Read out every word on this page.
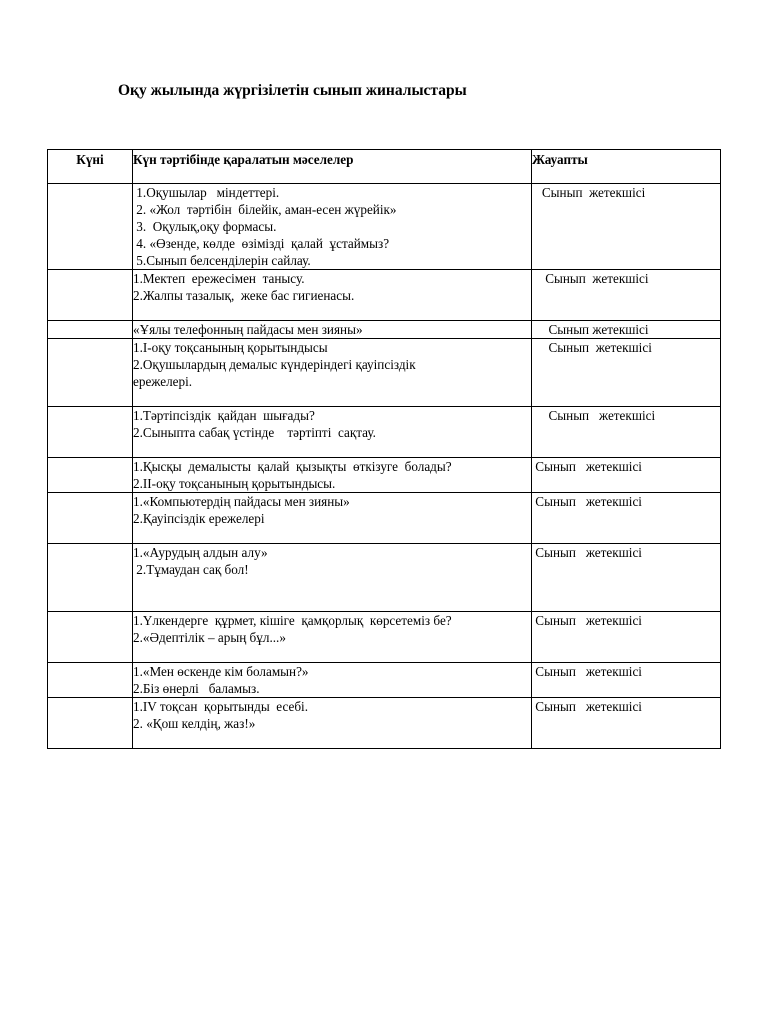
Оқу жылында жүргізілетін сынып жиналыстары
Күні	Күн тәртібінде қаралатын мәселелер	Жауапты

	1.Оқушылар   міндеттері.
2. «Жол  тәртібін  білейік, аман-есен жүрейік»
3.  Оқулық,оқу формасы.
4. «Өзенде, көлде  өзімізді  қалай  ұстаймыз?
5.Сынып белсенділерін сайлау.	Сынып  жетекшісі

	1.Мектеп  ережесімен  танысу.
2.Жалпы тазалық,  жеке бас гигиенасы.	Сынып  жетекшісі

	«Ұялы телефонның пайдасы мен зияны»	Сынып жетекшісі

	1.І-оқу тоқсанының қорытындысы
2.Оқушылардың демалыс күндеріндегі қауіпсіздік
ережелері.	Сынып  жетекшісі

	1.Тәртіпсіздік  қайдан  шығады?
2.Сыныпта сабақ үстінде    тәртіпті  сақтау.	Сынып   жетекшісі

	1.Қысқы  демалысты  қалай  қызықты  өткізуге  болады?
2.ІІ-оқу тоқсанының қорытындысы.	Сынып   жетекшісі

	1.«Компьютердің пайдасы мен зияны»
2.Қауіпсіздік ережелері	Сынып   жетекшісі

	1.«Аурудың алдын алу»
2.Тұмаудан сақ бол!	Сынып   жетекшісі

	1.Үлкендерге  құрмет, кішіге  қамқорлық  көрсетеміз бе?
2.«Әдептілік – арың бұл...»	Сынып   жетекшісі

	1.«Мен өскенде кім боламын?»
2.Біз өнерлі   баламыз.	Сынып   жетекшісі

	1.ІV тоқсан  қорытынды  есебі.
2. «Қош келдің, жаз!»	Сынып   жетекшісі
